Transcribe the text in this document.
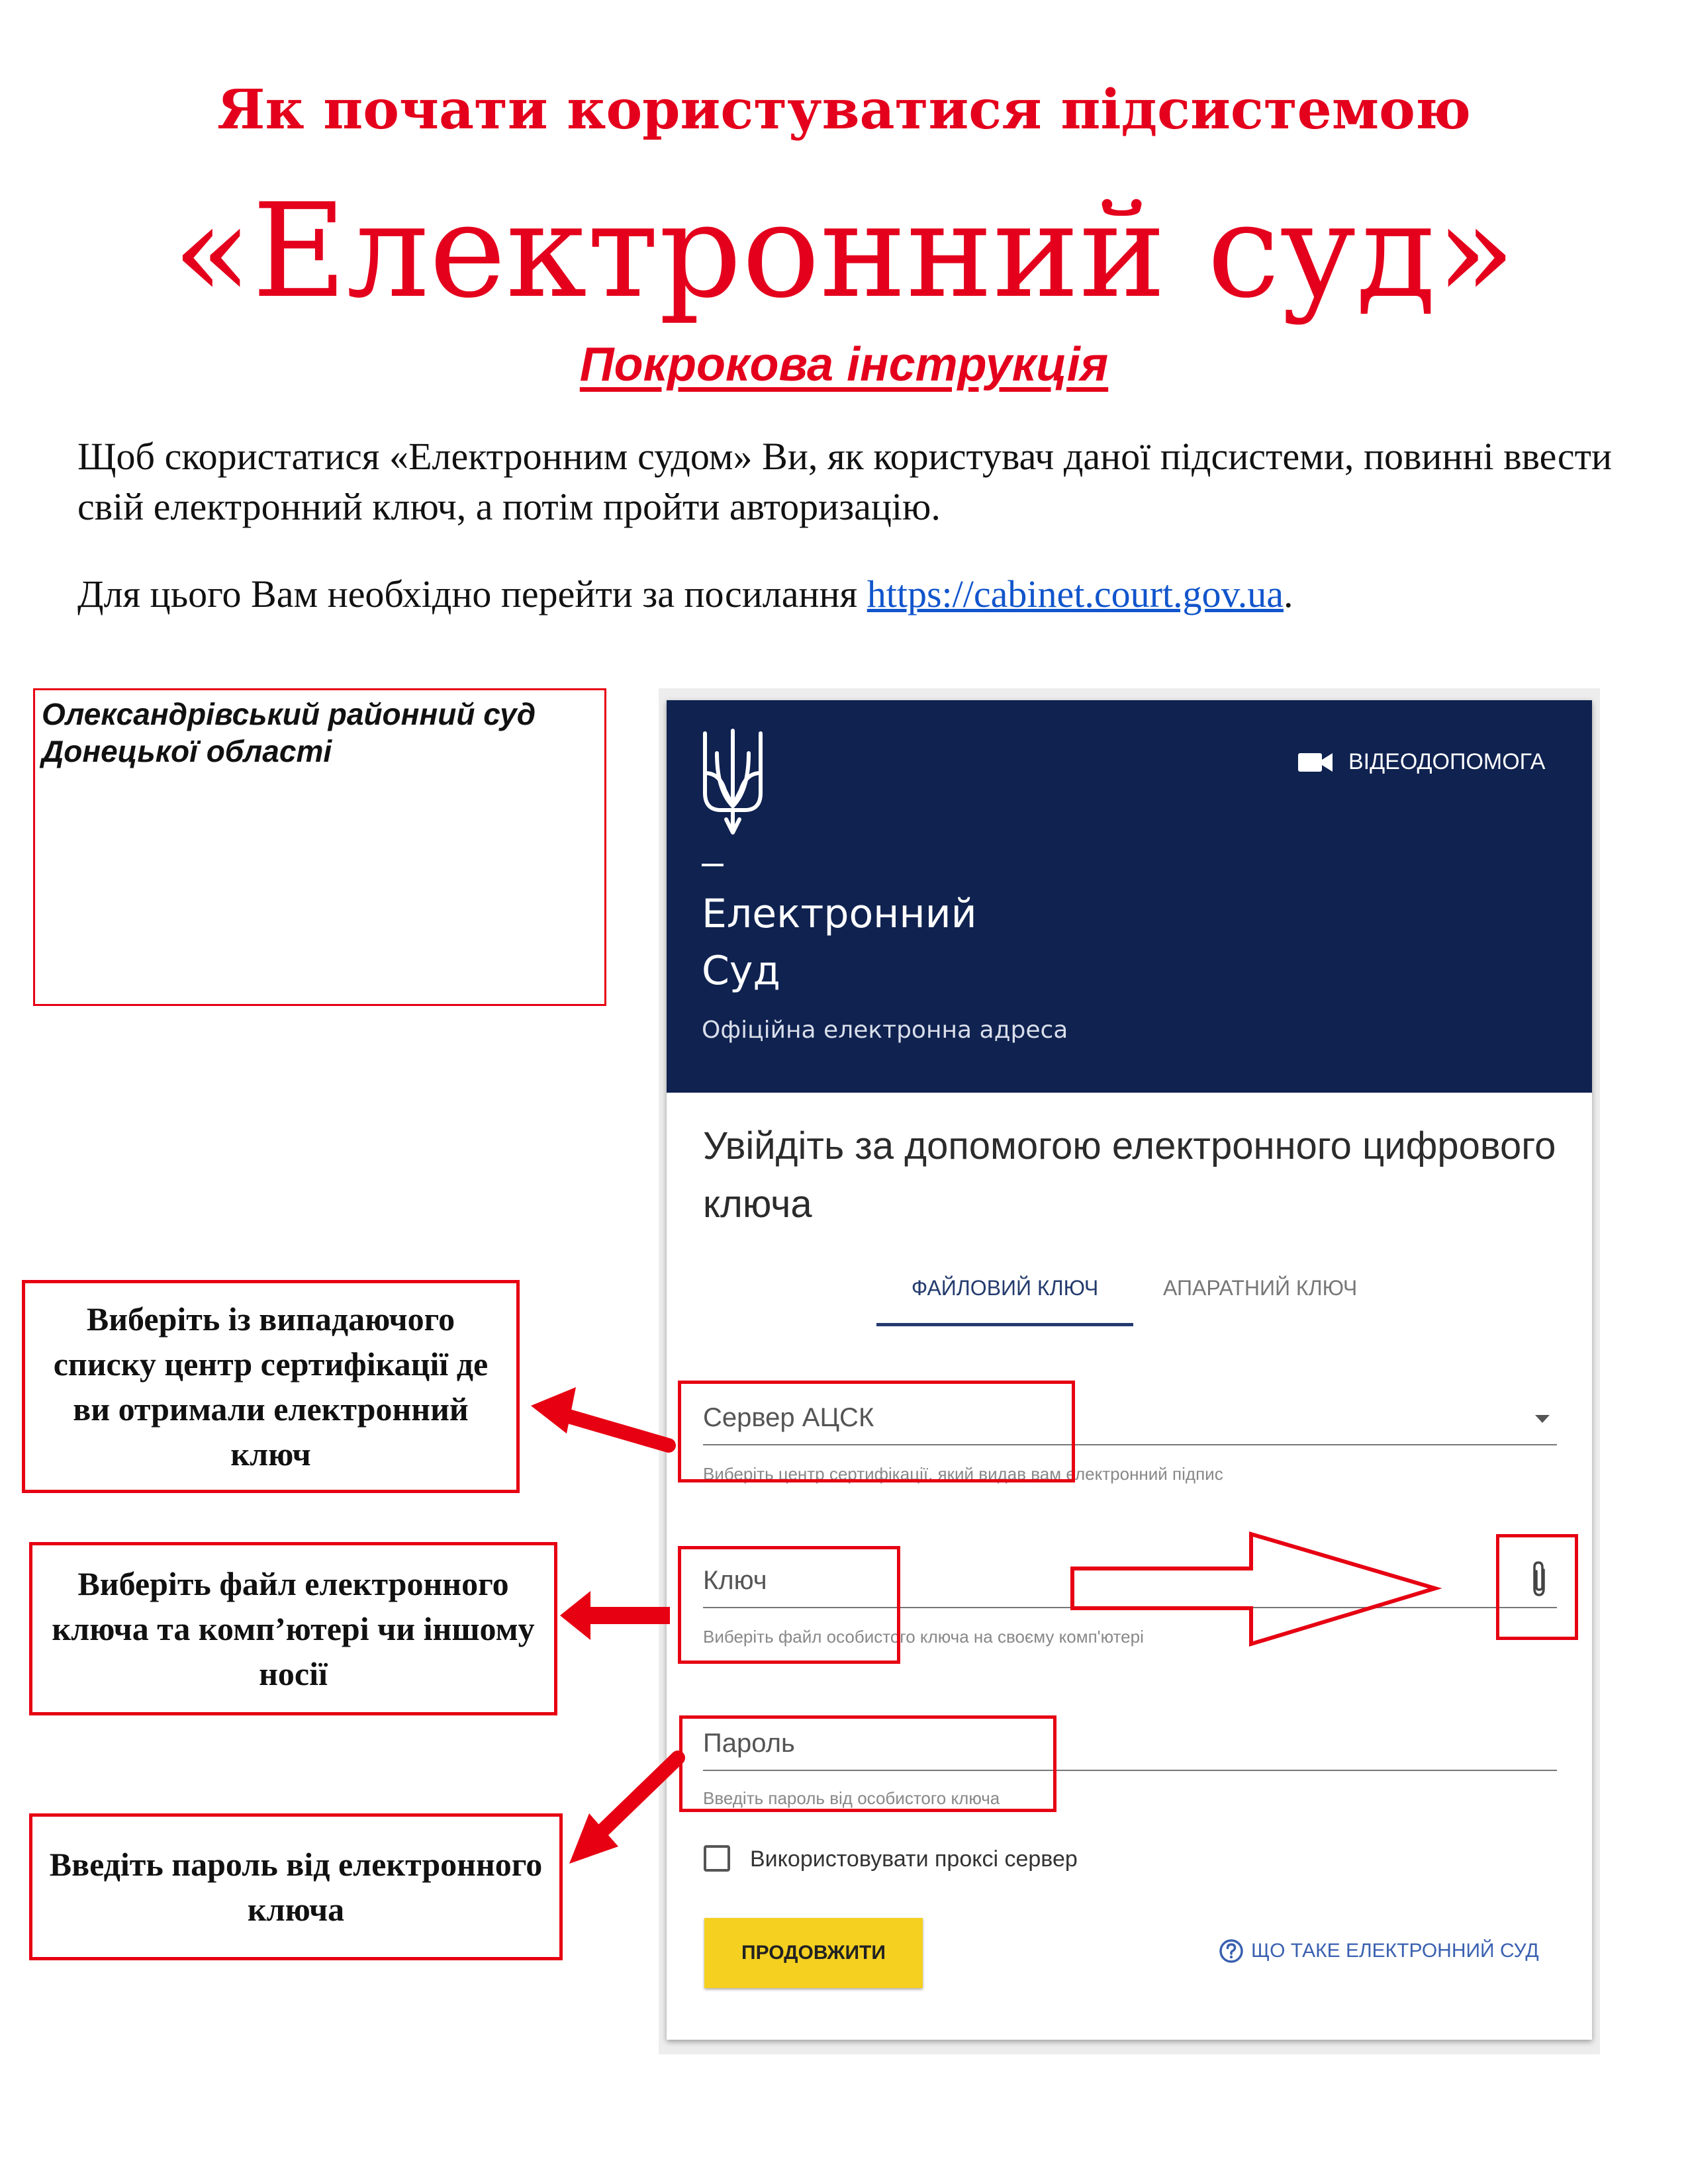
Як почати користуватися підсистемою
«Електронний суд»
Покрокова інструкція

Щоб скористатися «Електронним судом» Ви, як користувач даної підсистеми, повинні ввести свій електронний ключ, а потім пройти авторизацію.

Для цього Вам необхідно перейти за посилання https://cabinet.court.gov.ua.

Олександрівський районний суд
Донецької області
Електронний
Суд
Офіційна електронна адреса
ВІДЕОДОПОМОГА
Увійдіть за допомогою електронного цифрового ключа
ФАЙЛОВИЙ КЛЮЧ	АПАРАТНИЙ КЛЮЧ
Сервер АЦСК
Виберіть центр сертифікації, який видав вам електронний підпис
Ключ
Виберіть файл особистого ключа на своєму комп'ютері
Пароль
Введіть пароль від особистого ключа
Використовувати проксі сервер
ПРОДОВЖИТИ	ЩО ТАКЕ ЕЛЕКТРОННИЙ СУД
Виберіть із випадаючого списку центр сертифікації де ви отримали електронний ключ
Виберіть файл електронного ключа та комп’ютері чи іншому носії
Введіть пароль від електронного ключа
